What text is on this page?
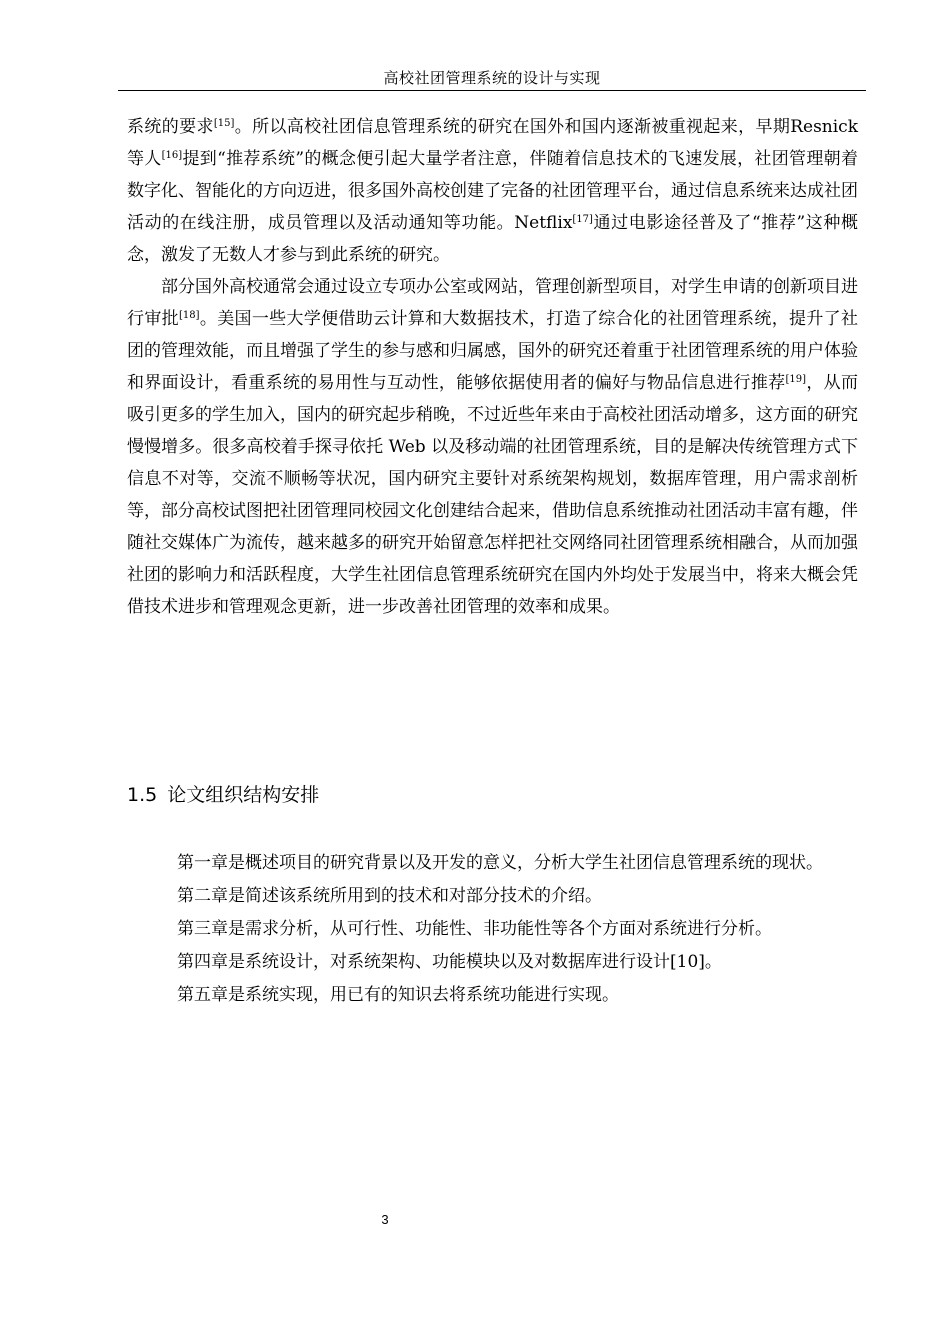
高校社团管理系统的设计与实现

系统的要求[15]。所以高校社团信息管理系统的研究在国外和国内逐渐被重视起来，早期Resnick 等人[16]提到“推荐系统”的概念便引起大量学者注意，伴随着信息技术的飞速发展，社团管理朝着数字化、智能化的方向迈进，很多国外高校创建了完备的社团管理平台，通过信息系统来达成社团活动的在线注册，成员管理以及活动通知等功能。Netflix[17]通过电影途径普及了“推荐”这种概念，激发了无数人才参与到此系统的研究。

部分国外高校通常会通过设立专项办公室或网站，管理创新型项目，对学生申请的创新项目进行审批[18]。美国一些大学便借助云计算和大数据技术，打造了综合化的社团管理系统，提升了社团的管理效能，而且增强了学生的参与感和归属感，国外的研究还着重于社团管理系统的用户体验和界面设计，看重系统的易用性与互动性，能够依据使用者的偏好与物品信息进行推荐[19]，从而吸引更多的学生加入，国内的研究起步稍晚，不过近些年来由于高校社团活动增多，这方面的研究慢慢增多。很多高校着手探寻依托 Web 以及移动端的社团管理系统，目的是解决传统管理方式下信息不对等，交流不顺畅等状况，国内研究主要针对系统架构规划，数据库管理，用户需求剖析等，部分高校试图把社团管理同校园文化创建结合起来，借助信息系统推动社团活动丰富有趣，伴随社交媒体广为流传，越来越多的研究开始留意怎样把社交网络同社团管理系统相融合，从而加强社团的影响力和活跃程度，大学生社团信息管理系统研究在国内外均处于发展当中，将来大概会凭借技术进步和管理观念更新，进一步改善社团管理的效率和成果。

1.5 论文组织结构安排

第一章是概述项目的研究背景以及开发的意义，分析大学生社团信息管理系统的现状。

第二章是简述该系统所用到的技术和对部分技术的介绍。

第三章是需求分析，从可行性、功能性、非功能性等各个方面对系统进行分析。

第四章是系统设计，对系统架构、功能模块以及对数据库进行设计[10]。

第五章是系统实现，用已有的知识去将系统功能进行实现。

3
